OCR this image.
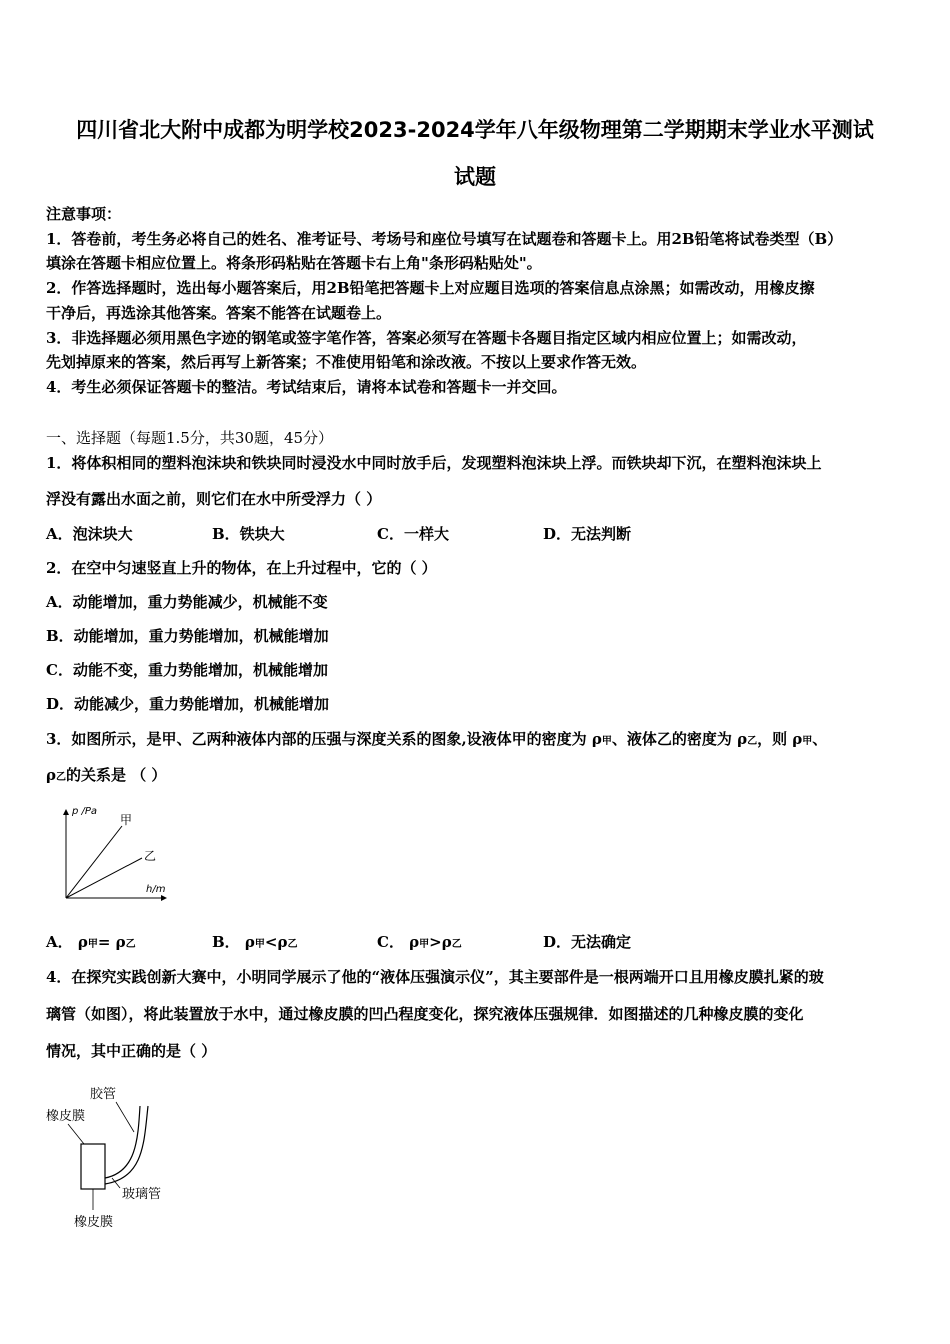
四川省北大附中成都为明学校2023-2024学年八年级物理第二学期期末学业水平测试
试题
注意事项：
1．答卷前，考生务必将自己的姓名、准考证号、考场号和座位号填写在试题卷和答题卡上。用2B铅笔将试卷类型（B）
填涂在答题卡相应位置上。将条形码粘贴在答题卡右上角"条形码粘贴处"。
2．作答选择题时，选出每小题答案后，用2B铅笔把答题卡上对应题目选项的答案信息点涂黑；如需改动，用橡皮擦
干净后，再选涂其他答案。答案不能答在试题卷上。
3．非选择题必须用黑色字迹的钢笔或签字笔作答，答案必须写在答题卡各题目指定区域内相应位置上；如需改动，
先划掉原来的答案，然后再写上新答案；不准使用铅笔和涂改液。不按以上要求作答无效。
4．考生必须保证答题卡的整洁。考试结束后，请将本试卷和答题卡一并交回。
一、选择题（每题1.5分，共30题，45分）
1．将体积相同的塑料泡沫块和铁块同时浸没水中同时放手后，发现塑料泡沫块上浮。而铁块却下沉，在塑料泡沫块上
浮没有露出水面之前，则它们在水中所受浮力（ ）
A．泡沫块大	B．铁块大	C．一样大	D．无法判断
2．在空中匀速竖直上升的物体，在上升过程中，它的（ ）
A．动能增加，重力势能减少，机械能不变
B．动能增加，重力势能增加，机械能增加
C．动能不变，重力势能增加，机械能增加
D．动能减少，重力势能增加，机械能增加
3．如图所示，是甲、乙两种液体内部的压强与深度关系的图象,设液体甲的密度为 ρ甲、液体乙的密度为 ρ乙，则 ρ甲、
ρ乙的关系是 （ ）
p /Pa
h/m
甲
乙
A． ρ甲= ρ乙	B． ρ甲<ρ乙	C． ρ甲>ρ乙	D．无法确定
4．在探究实践创新大赛中，小明同学展示了他的“液体压强演示仪”，其主要部件是一根两端开口且用橡皮膜扎紧的玻
璃管（如图），将此装置放于水中，通过橡皮膜的凹凸程度变化，探究液体压强规律．如图描述的几种橡皮膜的变化
情况，其中正确的是（ ）
胶管
橡皮膜
玻璃管
橡皮膜
